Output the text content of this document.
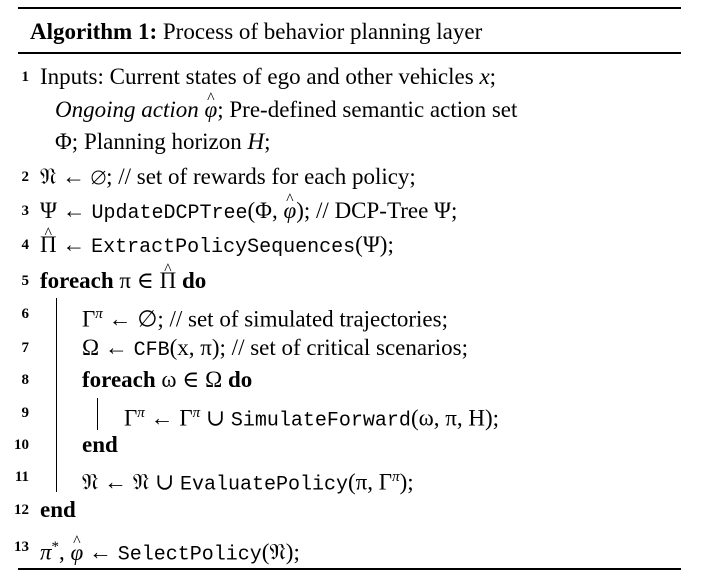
Algorithm 1: Process of behavior planning layer
1 Inputs: Current states of ego and other vehicles x;
Ongoing action ^ φ; Pre-defined semantic action set
Φ; Planning horizon H;
2 𝔑 ← ∅; // set of rewards for each policy;
3 Ψ ← UpdateDCPTree(Φ, ^ φ); // DCP-Tree Ψ;
4
^ Π ← ExtractPolicySequences(Ψ);
5 foreach π ∈ ^ Π do
6 $\Gamma^\pi$ ← ∅; // set of simulated trajectories;
7 Ω ← CFB(x, π); // set of critical scenarios;
8 foreach ω ∈ Ω do
9	$\Gamma^\pi$ ← $\Gamma^\pi$ ∪ SimulateForward(ω, π, H);
10 end
11 𝔑 ← 𝔑 ∪ EvaluatePolicy(π, $\Gamma^\pi$);
12 end
13 π*, ^ φ ← SelectPolicy(𝔑);
